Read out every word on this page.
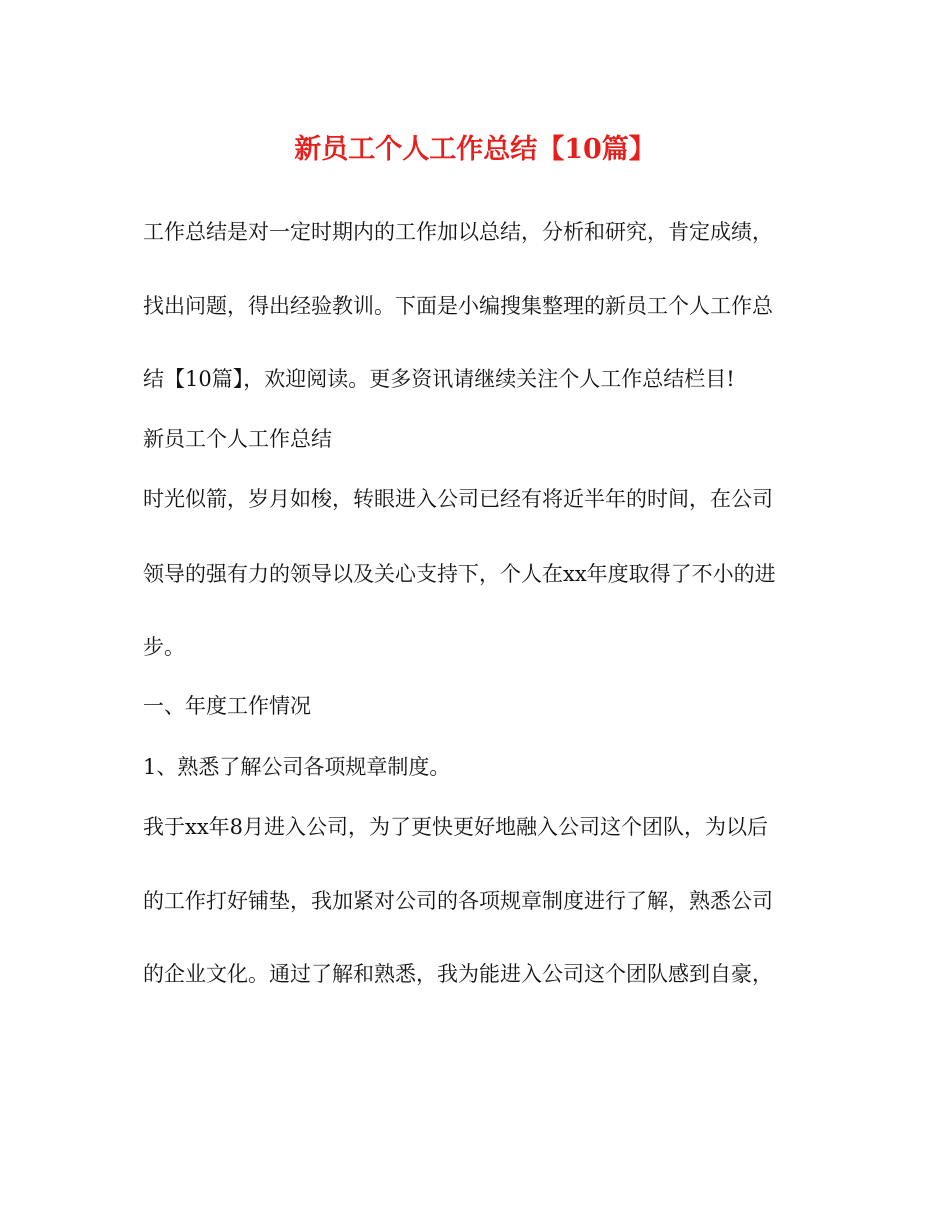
新员工个人工作总结【10篇】
工作总结是对一定时期内的工作加以总结，分析和研究，肯定成绩，
找出问题，得出经验教训。下面是小编搜集整理的新员工个人工作总
结【10篇】，欢迎阅读。更多资讯请继续关注个人工作总结栏目!
新员工个人工作总结
时光似箭，岁月如梭，转眼进入公司已经有将近半年的时间，在公司
领导的强有力的领导以及关心支持下，个人在xx年度取得了不小的进
步。
一、年度工作情况
1、熟悉了解公司各项规章制度。
我于xx年8月进入公司，为了更快更好地融入公司这个团队，为以后
的工作打好铺垫，我加紧对公司的各项规章制度进行了解，熟悉公司
的企业文化。通过了解和熟悉，我为能进入公司这个团队感到自豪，
